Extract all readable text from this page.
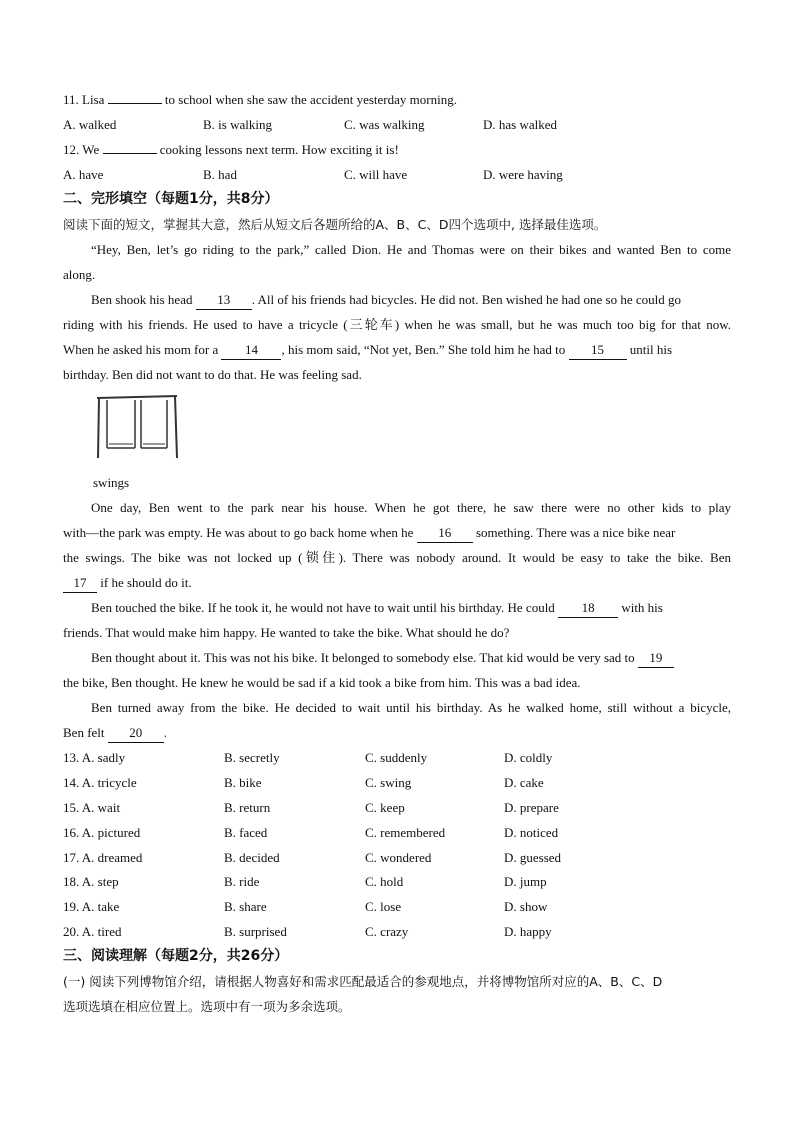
11. Lisa	to school when she saw the accident yesterday morning.
A. walked	B. is walking	C. was walking	D. has walked
12. We	cooking lessons next term. How exciting it is!
A. have	B. had	C. will have	D. were having
二、完形填空（每题1分，共8分）
阅读下面的短文，掌握其大意，然后从短文后各题所给的A、B、C、D四个选项中, 选择最佳选项。
“Hey, Ben, let’s go riding to the park,” called Dion. He and Thomas were on their bikes and wanted Ben to come
along.
Ben shook his head 13 . All of his friends had bicycles. He did not. Ben wished he had one so he could go
riding with his friends. He used to have a tricycle (三轮车) when he was small, but he was much too big for that now.
When he asked his mom for a 14 , his mom said, “Not yet, Ben.” She told him he had to 15 until his
birthday. Ben did not want to do that. He was feeling sad.
swings
One day, Ben went to the park near his house. When he got there, he saw there were no other kids to play
with—the park was empty. He was about to go back home when he 16 something. There was a nice bike near
the swings. The bike was not locked up (锁住). There was nobody around. It would be easy to take the bike. Ben
17 if he should do it.
Ben touched the bike. If he took it, he would not have to wait until his birthday. He could 18 with his
friends. That would make him happy. He wanted to take the bike. What should he do?
Ben thought about it. This was not his bike. It belonged to somebody else. That kid would be very sad to 19
the bike, Ben thought. He knew he would be sad if a kid took a bike from him. This was a bad idea.
Ben turned away from the bike. He decided to wait until his birthday. As he walked home, still without a bicycle,
Ben felt 20 .
13. A. sadly	B. secretly	C. suddenly	D. coldly
14. A. tricycle	B. bike	C. swing	D. cake
15. A. wait	B. return	C. keep	D. prepare
16. A. pictured	B. faced	C. remembered	D. noticed
17. A. dreamed	B. decided	C. wondered	D. guessed
18. A. step	B. ride	C. hold	D. jump
19. A. take	B. share	C. lose	D. show
20. A. tired	B. surprised	C. crazy	D. happy
三、阅读理解（每题2分，共26分）
(一) 阅读下列博物馆介绍，请根据人物喜好和需求匹配最适合的参观地点，并将博物馆所对应的A、B、C、D
选项选填在相应位置上。选项中有一项为多余选项。
